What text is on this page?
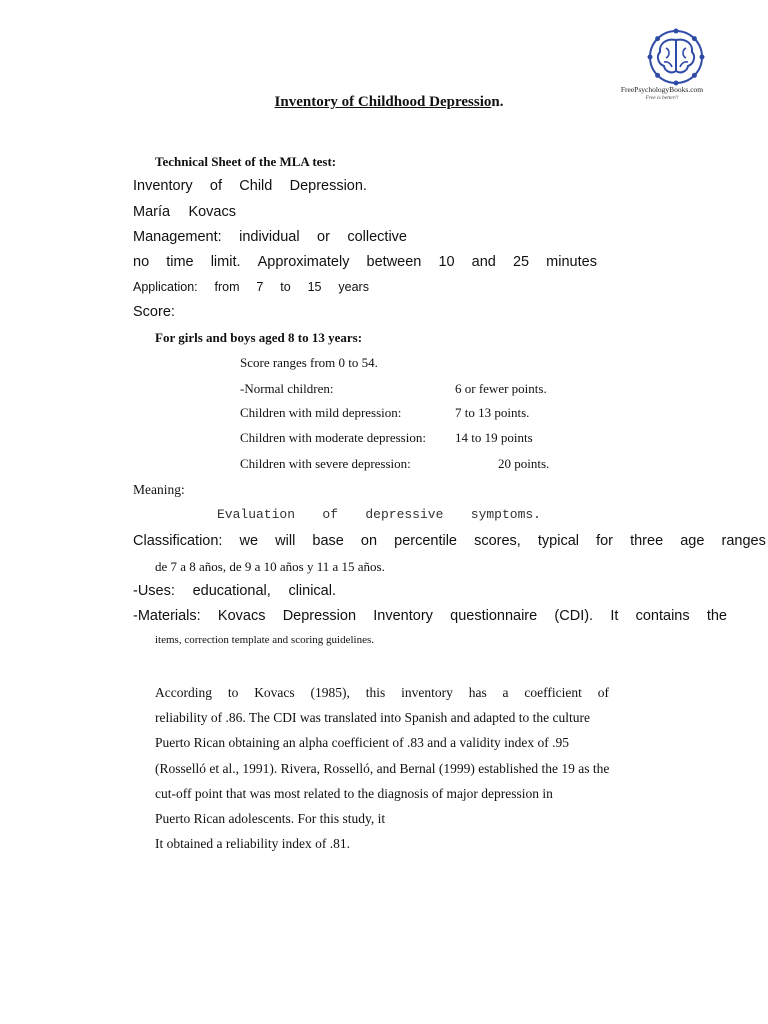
FreePsychologyBooks.com
Free is better!!
Inventory of Childhood Depression.
Technical Sheet of the MLA test:
Inventory of Child Depression.
María Kovacs
Management: individual or collective
no time limit. Approximately between 10 and 25 minutes
Application: from 7 to 15 years
Score:
For girls and boys aged 8 to 13 years:
Score ranges from 0 to 54.
-Normal children:	6 or fewer points.
Children with mild depression:	7 to 13 points.
Children with moderate depression: 14 to 19 points
Children with severe depression:	20 points.
Meaning:
Evaluation of depressive symptoms.
Classification: we will base on percentile scores, typical for three age ranges
de 7 a 8 años, de 9 a 10 años y 11 a 15 años.
-Uses: educational, clinical.
-Materials: Kovacs Depression Inventory questionnaire (CDI). It contains the
items, correction template and scoring guidelines.
According to Kovacs (1985), this inventory has a coefficient of
reliability of .86. The CDI was translated into Spanish and adapted to the culture
Puerto Rican obtaining an alpha coefficient of .83 and a validity index of .95
(Rosselló et al., 1991). Rivera, Rosselló, and Bernal (1999) established the 19 as the
cut-off point that was most related to the diagnosis of major depression in
Puerto Rican adolescents. For this study, it
It obtained a reliability index of .81.
